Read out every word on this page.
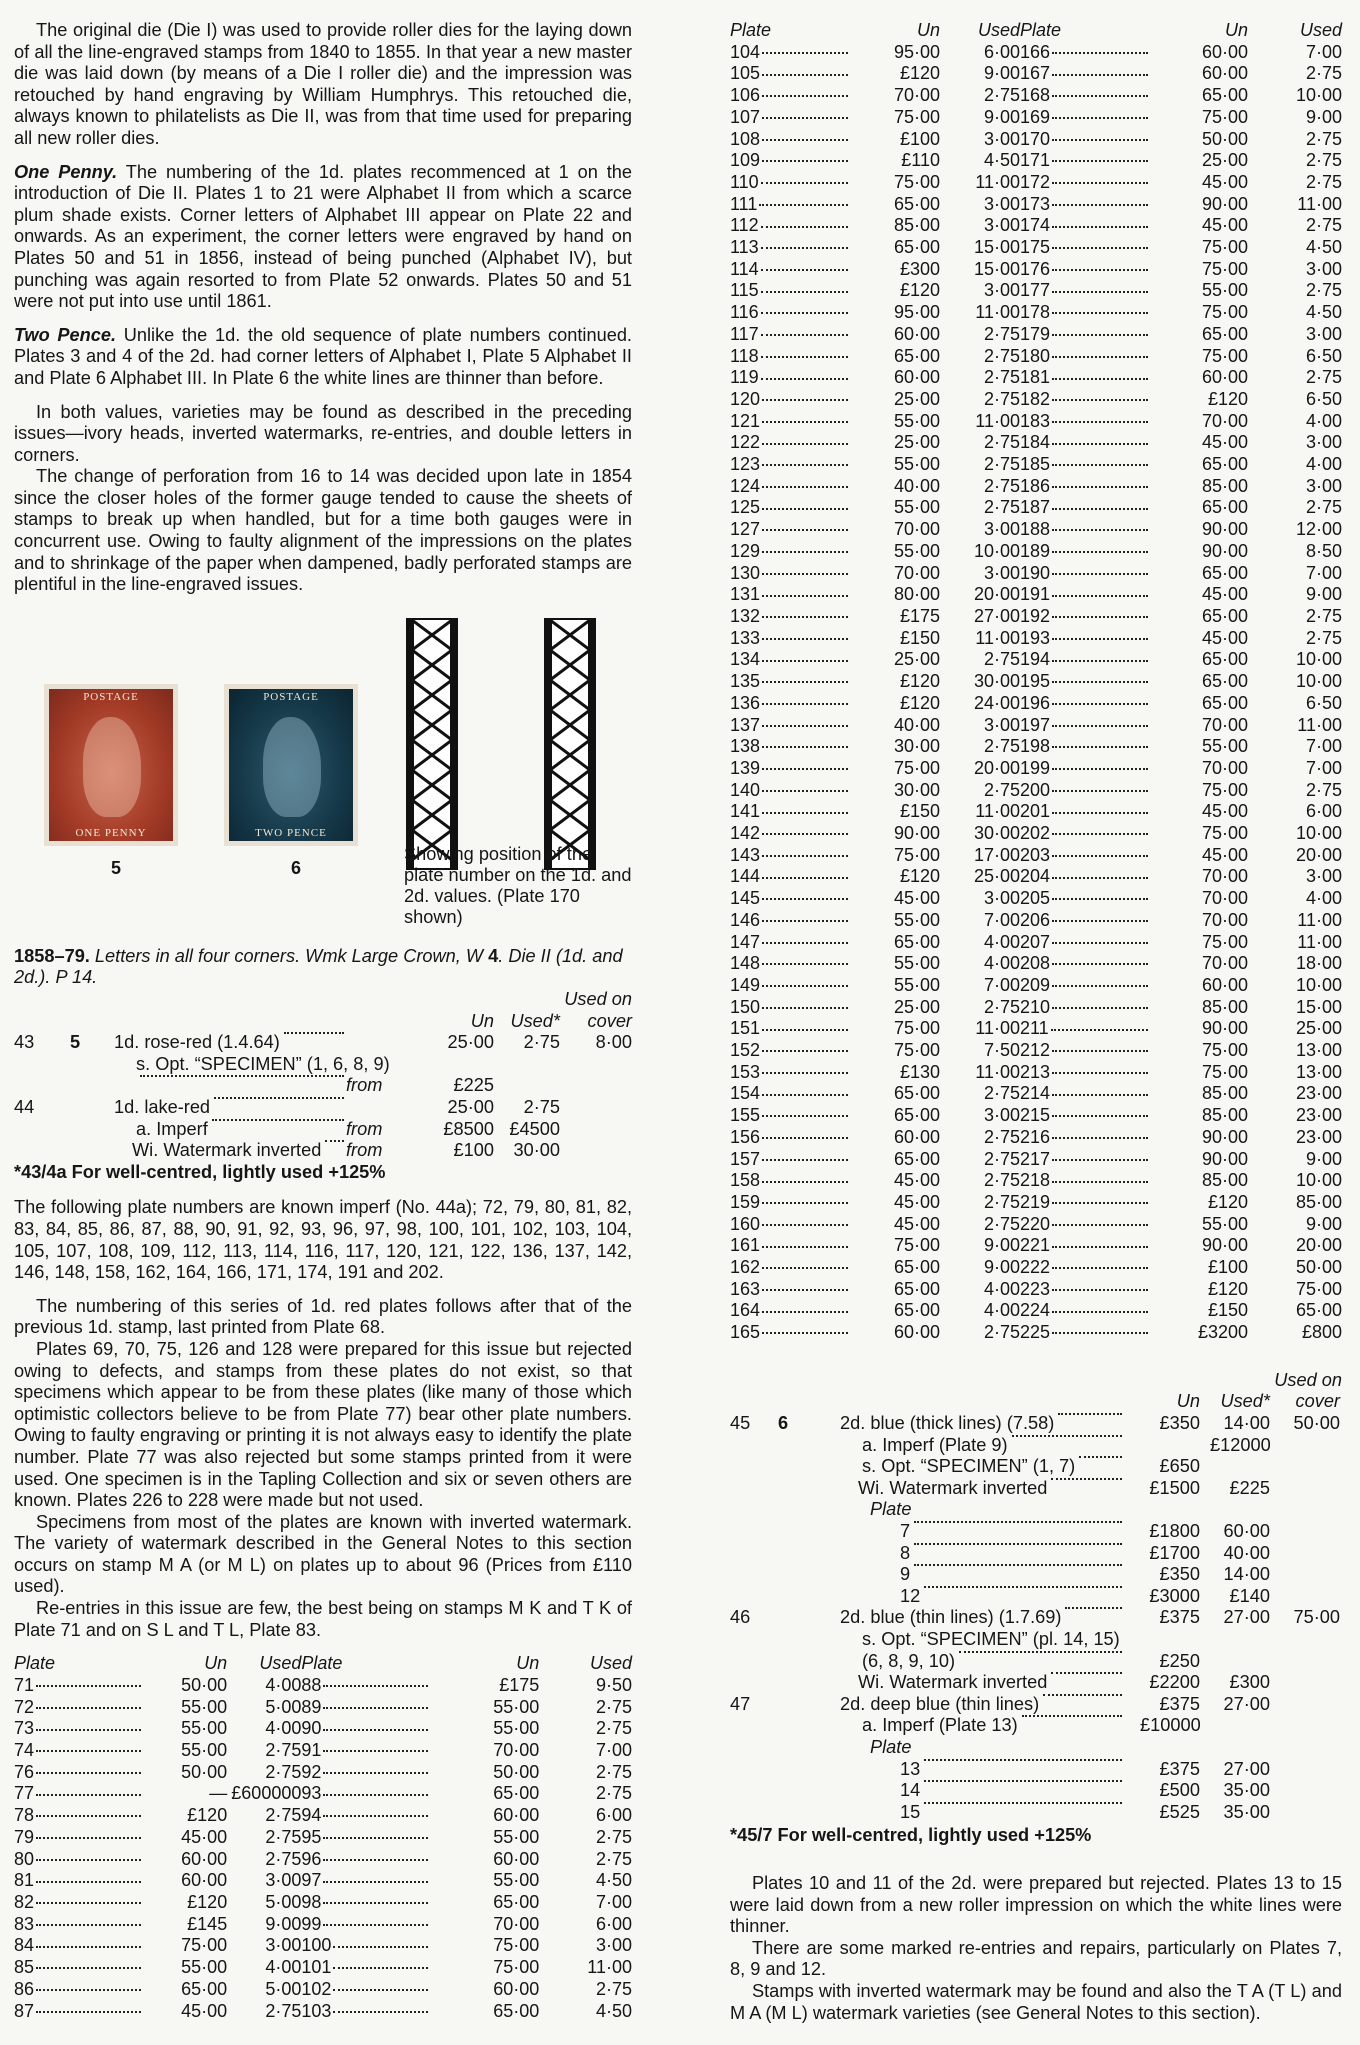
The original die (Die I) was used to provide roller dies for the laying down of all the line-engraved stamps from 1840 to 1855. In that year a new master die was laid down (by means of a Die I roller die) and the impression was retouched by hand engraving by William Humphrys. This retouched die, always known to philatelists as Die II, was from that time used for preparing all new roller dies.

One Penny. The numbering of the 1d. plates recommenced at 1 on the introduction of Die II. Plates 1 to 21 were Alphabet II from which a scarce plum shade exists. Corner letters of Alphabet III appear on Plate 22 and onwards. As an experiment, the corner letters were engraved by hand on Plates 50 and 51 in 1856, instead of being punched (Alphabet IV), but punching was again resorted to from Plate 52 onwards. Plates 50 and 51 were not put into use until 1861.

Two Pence. Unlike the 1d. the old sequence of plate numbers continued. Plates 3 and 4 of the 2d. had corner letters of Alphabet I, Plate 5 Alphabet II and Plate 6 Alphabet III. In Plate 6 the white lines are thinner than before.

In both values, varieties may be found as described in the preceding issues—ivory heads, inverted watermarks, re-entries, and double letters in corners.

The change of perforation from 16 to 14 was decided upon late in 1854 since the closer holes of the former gauge tended to cause the sheets of stamps to break up when handled, but for a time both gauges were in concurrent use. Owing to faulty alignment of the impressions on the plates and to shrinkage of the paper when dampened, badly perforated stamps are plentiful in the line-engraved issues.

POSTAGE
ONE PENNY
5
POSTAGE
TWO PENCE
6
Showing position of the plate number on the 1d. and 2d. values. (Plate 170 shown)

1858–79. Letters in all four corners. Wmk Large Crown, W 4. Die II (1d. and 2d.). P 14.

Used on
Un Used*	cover
43 5 1d. rose-red (1.4.64)	25·00	2·75	8·00
s. Opt. “SPECIMEN” (1, 6, 8, 9)
from	£225
44	1d. lake-red	25·00	2·75
a. Imperf	from	£8500 £4500
Wi. Watermark inverted from	£100	30·00

*43/4a For well-centred, lightly used +125%

The following plate numbers are known imperf (No. 44a); 72, 79, 80, 81, 82, 83, 84, 85, 86, 87, 88, 90, 91, 92, 93, 96, 97, 98, 100, 101, 102, 103, 104, 105, 107, 108, 109, 112, 113, 114, 116, 117, 120, 121, 122, 136, 137, 142, 146, 148, 158, 162, 164, 166, 171, 174, 191 and 202.

The numbering of this series of 1d. red plates follows after that of the previous 1d. stamp, last printed from Plate 68.

Plates 69, 70, 75, 126 and 128 were prepared for this issue but rejected owing to defects, and stamps from these plates do not exist, so that specimens which appear to be from these plates (like many of those which optimistic collectors believe to be from Plate 77) bear other plate numbers. Owing to faulty engraving or printing it is not always easy to identify the plate number. Plate 77 was also rejected but some stamps printed from it were used. One specimen is in the Tapling Collection and six or seven others are known. Plates 226 to 228 were made but not used.

Specimens from most of the plates are known with inverted watermark. The variety of watermark described in the General Notes to this section occurs on stamp M A (or M L) on plates up to about 96 (Prices from £110 used).

Re-entries in this issue are few, the best being on stamps M K and T K of Plate 71 and on S L and T L, Plate 83.

Plate	Un	Used	Plate	Un	Used
71	50·00	4·00	88	£175	9·50
72	55·00	5·00	89	55·00	2·75
73	55·00	4·00	90	55·00	2·75
74	55·00	2·75	91	70·00	7·00
76	50·00	2·75	92	50·00	2·75
77	—	£600000	93	65·00	2·75
78	£120	2·75	94	60·00	6·00
79	45·00	2·75	95	55·00	2·75
80	60·00	2·75	96	60·00	2·75
81	60·00	3·00	97	55·00	4·50
82	£120	5·00	98	65·00	7·00
83	£145	9·00	99	70·00	6·00
84	75·00	3·00	100	75·00	3·00
85	55·00	4·00	101	75·00	11·00
86	65·00	5·00	102	60·00	2·75
87	45·00	2·75	103	65·00	4·50
Plate	Un	Used	Plate	Un	Used
104	95·00	6·00	166	60·00	7·00
105	£120	9·00	167	60·00	2·75
106	70·00	2·75	168	65·00	10·00
107	75·00	9·00	169	75·00	9·00
108	£100	3·00	170	50·00	2·75
109	£110	4·50	171	25·00	2·75
110	75·00	11·00	172	45·00	2·75
111	65·00	3·00	173	90·00	11·00
112	85·00	3·00	174	45·00	2·75
113	65·00	15·00	175	75·00	4·50
114	£300	15·00	176	75·00	3·00
115	£120	3·00	177	55·00	2·75
116	95·00	11·00	178	75·00	4·50
117	60·00	2·75	179	65·00	3·00
118	65·00	2·75	180	75·00	6·50
119	60·00	2·75	181	60·00	2·75
120	25·00	2·75	182	£120	6·50
121	55·00	11·00	183	70·00	4·00
122	25·00	2·75	184	45·00	3·00
123	55·00	2·75	185	65·00	4·00
124	40·00	2·75	186	85·00	3·00
125	55·00	2·75	187	65·00	2·75
127	70·00	3·00	188	90·00	12·00
129	55·00	10·00	189	90·00	8·50
130	70·00	3·00	190	65·00	7·00
131	80·00	20·00	191	45·00	9·00
132	£175	27·00	192	65·00	2·75
133	£150	11·00	193	45·00	2·75
134	25·00	2·75	194	65·00	10·00
135	£120	30·00	195	65·00	10·00
136	£120	24·00	196	65·00	6·50
137	40·00	3·00	197	70·00	11·00
138	30·00	2·75	198	55·00	7·00
139	75·00	20·00	199	70·00	7·00
140	30·00	2·75	200	75·00	2·75
141	£150	11·00	201	45·00	6·00
142	90·00	30·00	202	75·00	10·00
143	75·00	17·00	203	45·00	20·00
144	£120	25·00	204	70·00	3·00
145	45·00	3·00	205	70·00	4·00
146	55·00	7·00	206	70·00	11·00
147	65·00	4·00	207	75·00	11·00
148	55·00	4·00	208	70·00	18·00
149	55·00	7·00	209	60·00	10·00
150	25·00	2·75	210	85·00	15·00
151	75·00	11·00	211	90·00	25·00
152	75·00	7·50	212	75·00	13·00
153	£130	11·00	213	75·00	13·00
154	65·00	2·75	214	85·00	23·00
155	65·00	3·00	215	85·00	23·00
156	60·00	2·75	216	90·00	23·00
157	65·00	2·75	217	90·00	9·00
158	45·00	2·75	218	85·00	10·00
159	45·00	2·75	219	£120	85·00
160	45·00	2·75	220	55·00	9·00
161	75·00	9·00	221	90·00	20·00
162	65·00	9·00	222	£100	50·00
163	65·00	4·00	223	£120	75·00
164	65·00	4·00	224	£150	65·00
165	60·00	2·75	225	£3200	£800
Used on
Un	Used*	cover
45 6	2d. blue (thick lines) (7.58)	£350	14·00	50·00
a. Imperf (Plate 9)	£12000
s. Opt. “SPECIMEN” (1, 7)	£650
Wi. Watermark inverted	£1500	£225
Plate
7	£1800	60·00
8	£1700	40·00
9	£350	14·00
12	£3000	£140
46	2d. blue (thin lines) (1.7.69)	£375	27·00	75·00
s. Opt. “SPECIMEN” (pl. 14, 15)
(6, 8, 9, 10)	£250
Wi. Watermark inverted	£2200	£300
47	2d. deep blue (thin lines)	£375	27·00
a. Imperf (Plate 13)	£10000
Plate
13	£375	27·00
14	£500	35·00
15	£525	35·00

*45/7 For well-centred, lightly used +125%

Plates 10 and 11 of the 2d. were prepared but rejected. Plates 13 to 15 were laid down from a new roller impression on which the white lines were thinner.

There are some marked re-entries and repairs, particularly on Plates 7, 8, 9 and 12.

Stamps with inverted watermark may be found and also the T A (T L) and M A (M L) watermark varieties (see General Notes to this section).
